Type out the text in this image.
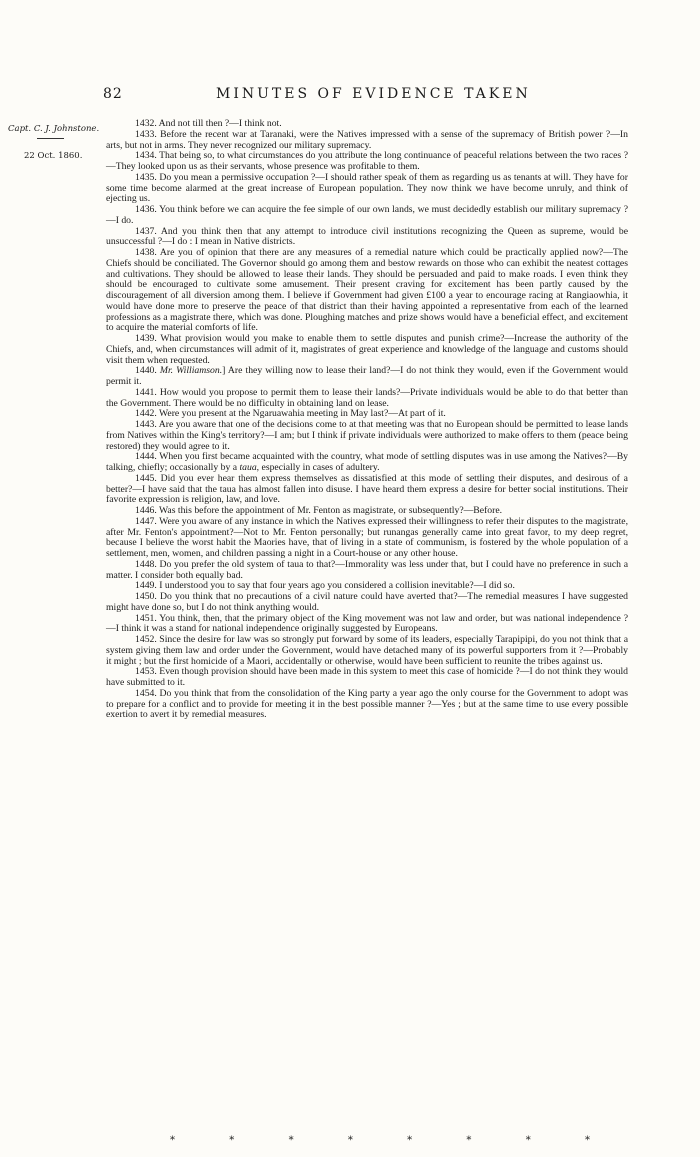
82	MINUTES OF EVIDENCE TAKEN
Capt. C. J. Johnstone.
22 Oct. 1860.

1432. And not till then ?—I think not.

1433. Before the recent war at Taranaki, were the Natives impressed with a sense of the supremacy of British power ?—In arts, but not in arms. They never recognized our military supremacy.

1434. That being so, to what circumstances do you attribute the long continuance of peaceful relations between the two races ?—They looked upon us as their servants, whose presence was profitable to them.

1435. Do you mean a permissive occupation ?—I should rather speak of them as regarding us as tenants at will. They have for some time become alarmed at the great increase of European population. They now think we have become unruly, and think of ejecting us.

1436. You think before we can acquire the fee simple of our own lands, we must decidedly establish our military supremacy ?—I do.

1437. And you think then that any attempt to introduce civil institutions recognizing the Queen as supreme, would be unsuccessful ?—I do : I mean in Native districts.

1438. Are you of opinion that there are any measures of a remedial nature which could be practically applied now?—The Chiefs should be conciliated. The Governor should go among them and bestow rewards on those who can exhibit the neatest cottages and cultivations. They should be allowed to lease their lands. They should be persuaded and paid to make roads. I even think they should be encouraged to cultivate some amusement. Their present craving for excitement has been partly caused by the discouragement of all diversion among them. I believe if Government had given £100 a year to encourage racing at Rangiaowhia, it would have done more to preserve the peace of that district than their having appointed a representative from each of the learned professions as a magistrate there, which was done. Ploughing matches and prize shows would have a beneficial effect, and excitement to acquire the material comforts of life.

1439. What provision would you make to enable them to settle disputes and punish crime?—Increase the authority of the Chiefs, and, when circumstances will admit of it, magistrates of great experience and knowledge of the language and customs should visit them when requested.

1440. Mr. Williamson.] Are they willing now to lease their land?—I do not think they would, even if the Government would permit it.

1441. How would you propose to permit them to lease their lands?—Private individuals would be able to do that better than the Government. There would be no difficulty in obtaining land on lease.

1442. Were you present at the Ngaruawahia meeting in May last?—At part of it.

1443. Are you aware that one of the decisions come to at that meeting was that no European should be permitted to lease lands from Natives within the King's territory?—I am; but I think if private individuals were authorized to make offers to them (peace being restored) they would agree to it.

1444. When you first became acquainted with the country, what mode of settling disputes was in use among the Natives?—By talking, chiefly; occasionally by a taua, especially in cases of adultery.

1445. Did you ever hear them express themselves as dissatisfied at this mode of settling their disputes, and desirous of a better?—I have said that the taua has almost fallen into disuse. I have heard them express a desire for better social institutions. Their favorite expression is religion, law, and love.

1446. Was this before the appointment of Mr. Fenton as magistrate, or subsequently?—Before.

1447. Were you aware of any instance in which the Natives expressed their willingness to refer their disputes to the magistrate, after Mr. Fenton's appointment?—Not to Mr. Fenton personally; but runangas generally came into great favor, to my deep regret, because I believe the worst habit the Maories have, that of living in a state of communism, is fostered by the whole population of a settlement, men, women, and children passing a night in a Court-house or any other house.

1448. Do you prefer the old system of taua to that?—Immorality was less under that, but I could have no preference in such a matter. I consider both equally bad.

1449. I understood you to say that four years ago you considered a collision inevitable?—I did so.

1450. Do you think that no precautions of a civil nature could have averted that?—The remedial measures I have suggested might have done so, but I do not think anything would.

1451. You think, then, that the primary object of the King movement was not law and order, but was national independence ?—I think it was a stand for national independence originally suggested by Europeans.

1452. Since the desire for law was so strongly put forward by some of its leaders, especially Tarapipipi, do you not think that a system giving them law and order under the Government, would have detached many of its powerful supporters from it ?—Probably it might ; but the first homicide of a Maori, accidentally or otherwise, would have been sufficient to reunite the tribes against us.

1453. Even though provision should have been made in this system to meet this case of homicide ?—I do not think they would have submitted to it.

1454. Do you think that from the consolidation of the King party a year ago the only course for the Government to adopt was to prepare for a conflict and to provide for meeting it in the best possible manner ?—Yes ; but at the same time to use every possible exertion to avert it by remedial measures.

*	*	*	*	*	*	*	*
